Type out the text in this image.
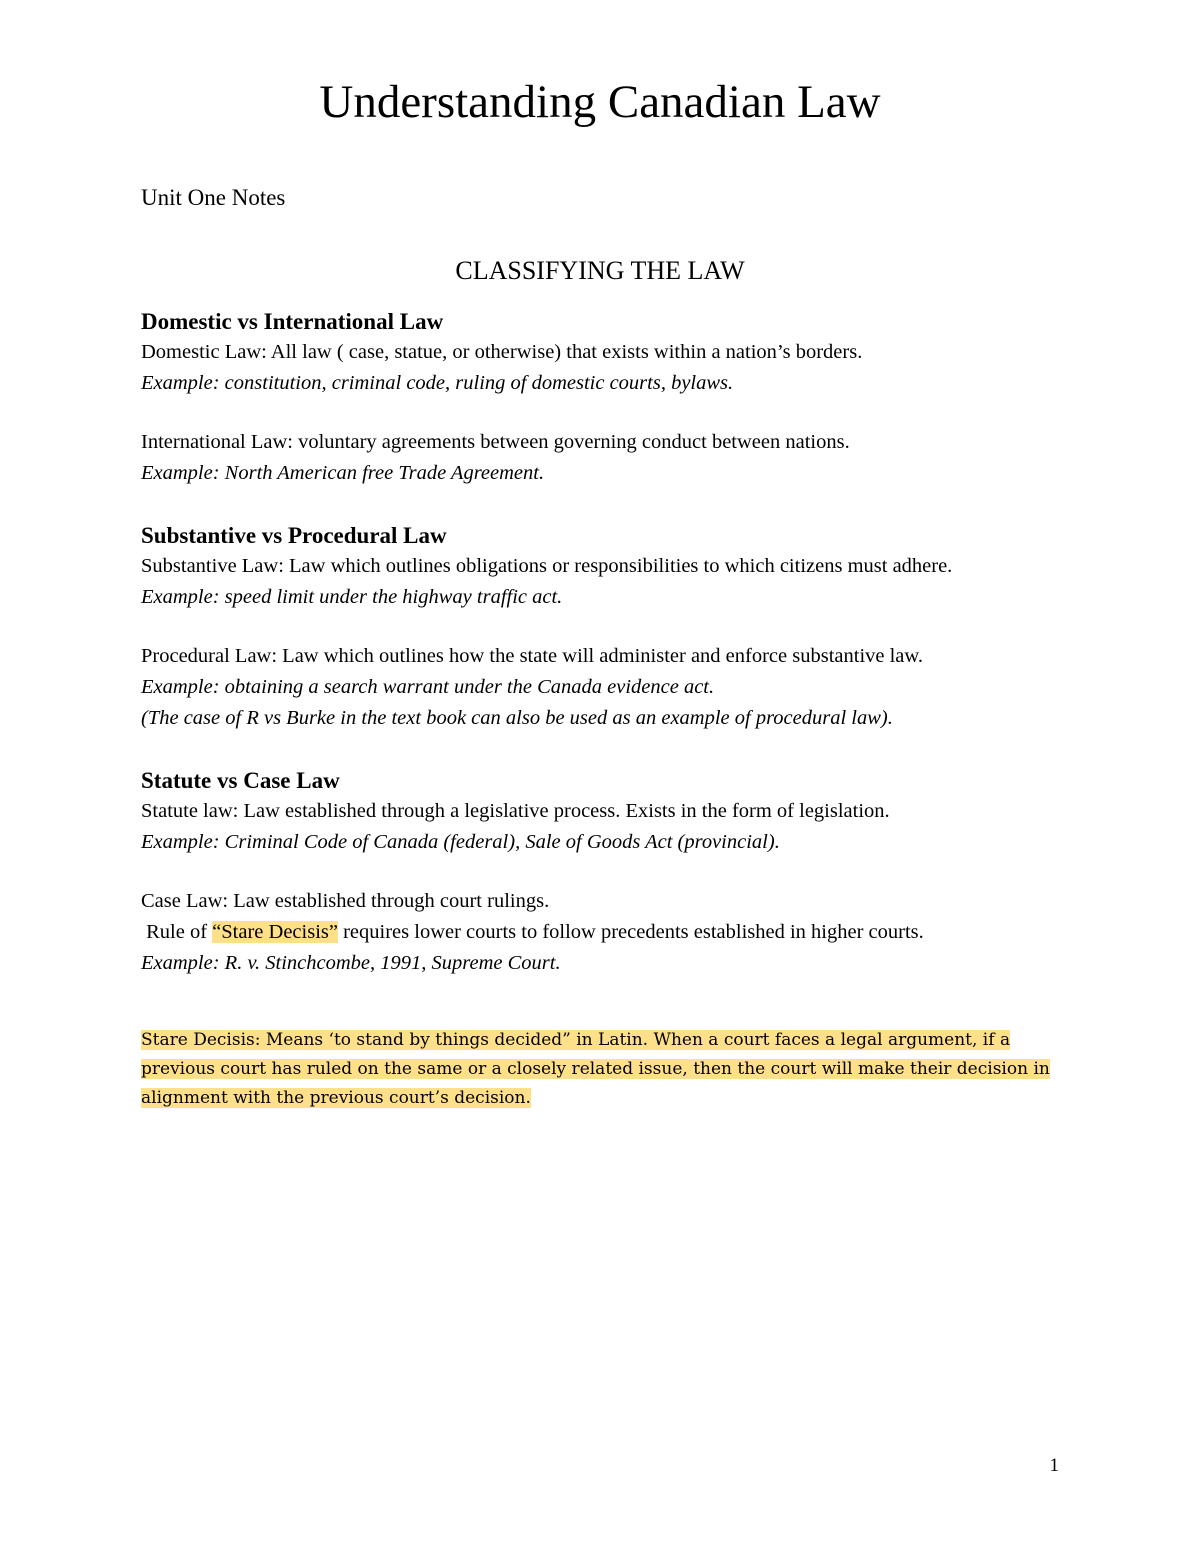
Understanding Canadian Law

Unit One Notes

CLASSIFYING THE LAW

Domestic vs International Law
Domestic Law: All law ( case, statue, or otherwise) that exists within a nation’s borders.
Example: constitution, criminal code, ruling of domestic courts, bylaws.
International Law: voluntary agreements between governing conduct between nations.
Example: North American free Trade Agreement.
Substantive vs Procedural Law
Substantive Law: Law which outlines obligations or responsibilities to which citizens must adhere.
Example: speed limit under the highway traffic act.
Procedural Law: Law which outlines how the state will administer and enforce substantive law.
Example: obtaining a search warrant under the Canada evidence act.
(The case of R vs Burke in the text book can also be used as an example of procedural law).
Statute vs Case Law
Statute law: Law established through a legislative process. Exists in the form of legislation.
Example: Criminal Code of Canada (federal), Sale of Goods Act (provincial).
Case Law: Law established through court rulings.
Rule of “Stare Decisis” requires lower courts to follow precedents established in higher courts.
Example: R. v. Stinchcombe, 1991, Supreme Court.
Stare Decisis: Means ‘to stand by things decided” in Latin. When a court faces a legal argument, if a
previous court has ruled on the same or a closely related issue, then the court will make their decision in
alignment with the previous court’s decision.

1
